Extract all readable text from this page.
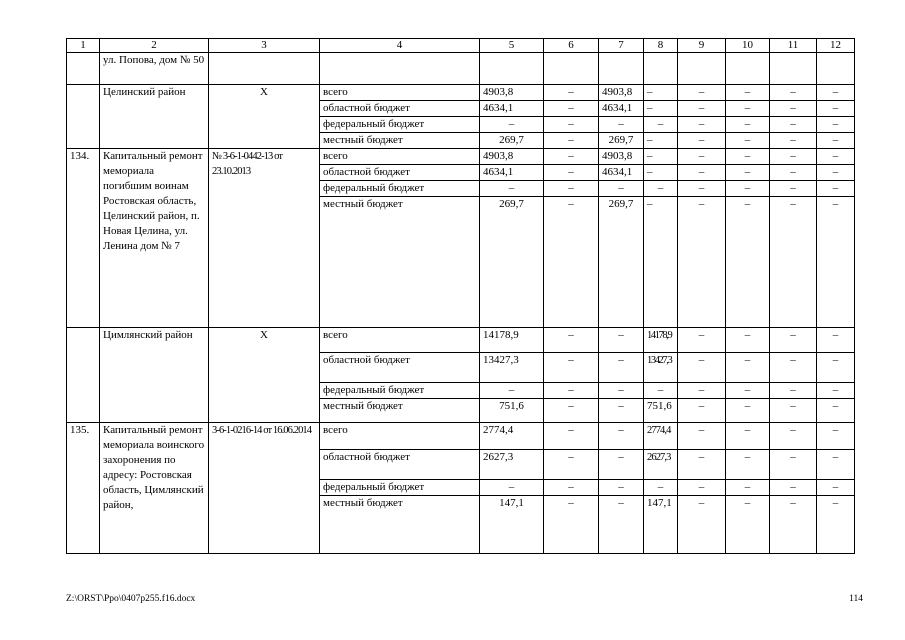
1	2	3	4	5	6	7	8	9	10	11	12
	ул. Попова, дом № 50										
	Целинский район	Х	всего	4903,8	–	4903,8	–	–	–	–	–
			областной бюджет	4634,1	–	4634,1	–	–	–	–	–
			федеральный бюджет	–	–	–	–	–	–	–	–
			местный бюджет	269,7	–	269,7	–	–	–	–	–
134.	Капитальный ремонт мемориала погибшим воинам Ростовская область, Целинский район, п. Новая Целина, ул. Ленина дом № 7	№ 3-6-1-0442-13 от 23.10.2013	всего	4903,8	–	4903,8	–	–	–	–	–
			областной бюджет	4634,1	–	4634,1	–	–	–	–	–
			федеральный бюджет	–	–	–	–	–	–	–	–
			местный бюджет	269,7	–	269,7	–	–	–	–	–
	Цимлянский район	Х	всего	14178,9	–	–	14178,9	–	–	–	–
			областной бюджет	13427,3	–	–	13427,3	–	–	–	–
			федеральный бюджет	–	–	–	–	–	–	–	–
			местный бюджет	751,6	–	–	751,6	–	–	–	–
135.	Капитальный ремонт мемориала воинского захоронения по адресу: Ростовская область, Цимлянский район,	3-6-1-0216-14 от 16.06.2014	всего	2774,4	–	–	2774,4	–	–	–	–
			областной бюджет	2627,3	–	–	2627,3	–	–	–	–
			федеральный бюджет	–	–	–	–	–	–	–	–
			местный бюджет	147,1	–	–	147,1	–	–	–	–
Z:\ORST\Ppo\0407p255.f16.docx	114
